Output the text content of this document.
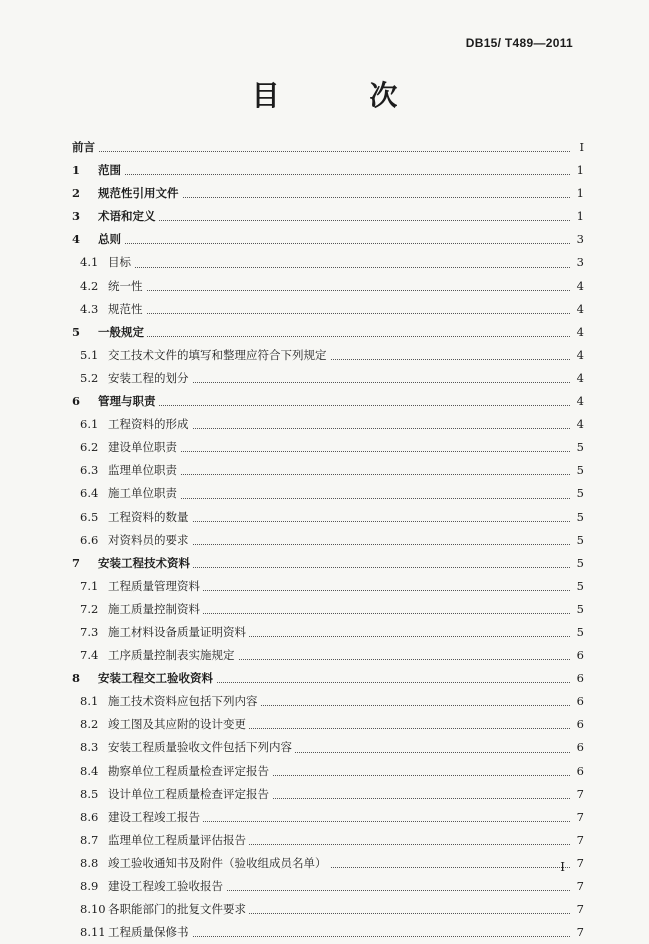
DB15/ T489—2011
目 次
前言	I
1 范围	1
2 规范性引用文件	1
3 术语和定义	1
4 总则	3
4.1 目标	3
4.2 统一性	4
4.3 规范性	4
5 一般规定	4
5.1 交工技术文件的填写和整理应符合下列规定	4
5.2 安装工程的划分	4
6 管理与职责	4
6.1 工程资料的形成	4
6.2 建设单位职责	5
6.3 监理单位职责	5
6.4 施工单位职责	5
6.5 工程资料的数量	5
6.6 对资料员的要求	5
7 安装工程技术资料	5
7.1 工程质量管理资料	5
7.2 施工质量控制资料	5
7.3 施工材料设备质量证明资料	5
7.4 工序质量控制表实施规定	6
8 安装工程交工验收资料	6
8.1 施工技术资料应包括下列内容	6
8.2 竣工图及其应附的设计变更	6
8.3 安装工程质量验收文件包括下列内容	6
8.4 勘察单位工程质量检查评定报告	6
8.5 设计单位工程质量检查评定报告	7
8.6 建设工程竣工报告	7
8.7 监理单位工程质量评估报告	7
8.8 竣工验收通知书及附件（验收组成员名单）	7
8.9 建设工程竣工验收报告	7
8.10 各职能部门的批复文件要求	7
8.11 工程质量保修书	7
I
